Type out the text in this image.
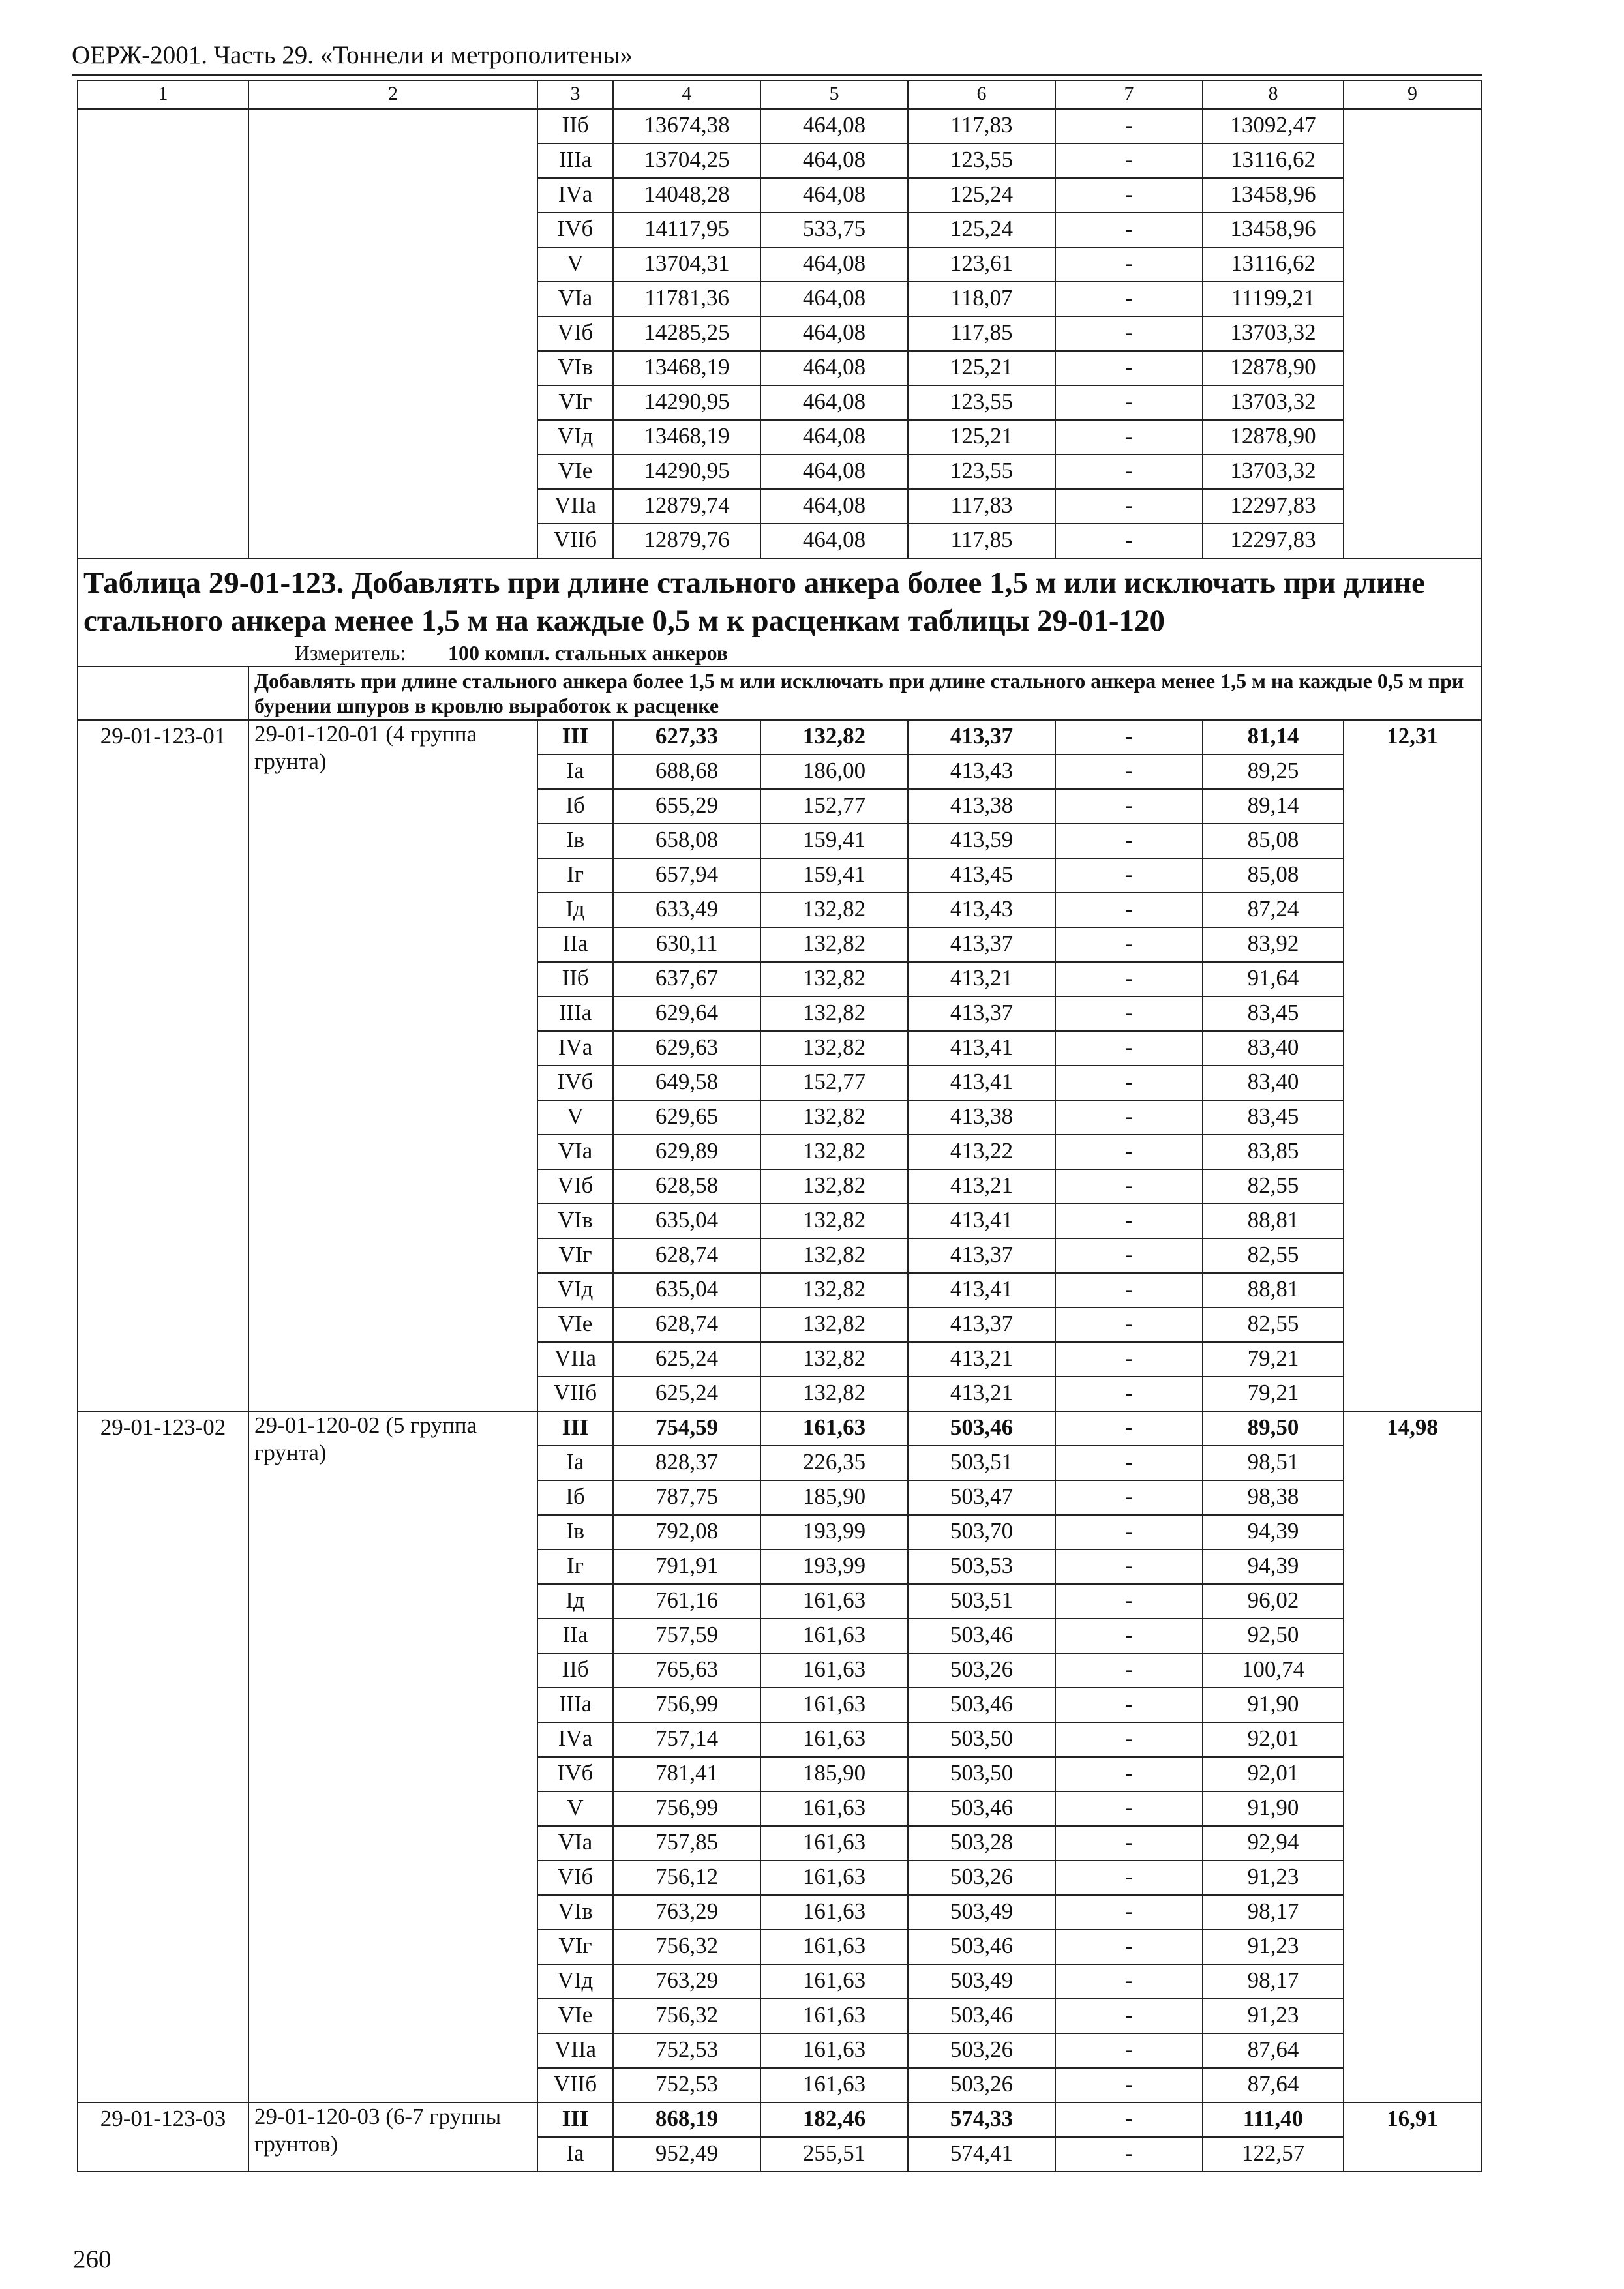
ОЕРЖ-2001. Часть 29. «Тоннели и метрополитены»
1	2	3	4	5	6	7	8	9
		IIб	13674,38	464,08	117,83	-	13092,47	
		IIIа	13704,25	464,08	123,55	-	13116,62	
		IVа	14048,28	464,08	125,24	-	13458,96	
		IVб	14117,95	533,75	125,24	-	13458,96	
		V	13704,31	464,08	123,61	-	13116,62	
		VIа	11781,36	464,08	118,07	-	11199,21	
		VIб	14285,25	464,08	117,85	-	13703,32	
		VIв	13468,19	464,08	125,21	-	12878,90	
		VIг	14290,95	464,08	123,55	-	13703,32	
		VIд	13468,19	464,08	125,21	-	12878,90	
		VIе	14290,95	464,08	123,55	-	13703,32	
		VIIа	12879,74	464,08	117,83	-	12297,83	
		VIIб	12879,76	464,08	117,85	-	12297,83	
Таблица 29-01-123. Добавлять при длине стального анкера более 1,5 м или исключать при длине стального анкера менее 1,5 м на каждые 0,5 м к расценкам таблицы 29-01-120								

Измеритель: 100 компл. стальных анкеров								

	Добавлять при длине стального анкера более 1,5 м или исключать при длине стального анкера менее 1,5 м на каждые 0,5 м при бурении шпуров в кровлю выработок к расценке							
29-01-123-01	29-01-120-01 (4 группа грунта)	III	627,33	132,82	413,37	-	81,14	12,31
		Iа	688,68	186,00	413,43	-	89,25	
		Iб	655,29	152,77	413,38	-	89,14	
		Iв	658,08	159,41	413,59	-	85,08	
		Iг	657,94	159,41	413,45	-	85,08	
		Iд	633,49	132,82	413,43	-	87,24	
		IIа	630,11	132,82	413,37	-	83,92	
		IIб	637,67	132,82	413,21	-	91,64	
		IIIа	629,64	132,82	413,37	-	83,45	
		IVа	629,63	132,82	413,41	-	83,40	
		IVб	649,58	152,77	413,41	-	83,40	
		V	629,65	132,82	413,38	-	83,45	
		VIа	629,89	132,82	413,22	-	83,85	
		VIб	628,58	132,82	413,21	-	82,55	
		VIв	635,04	132,82	413,41	-	88,81	
		VIг	628,74	132,82	413,37	-	82,55	
		VIд	635,04	132,82	413,41	-	88,81	
		VIе	628,74	132,82	413,37	-	82,55	
		VIIа	625,24	132,82	413,21	-	79,21	
		VIIб	625,24	132,82	413,21	-	79,21	
29-01-123-02	29-01-120-02 (5 группа грунта)	III	754,59	161,63	503,46	-	89,50	14,98
		Iа	828,37	226,35	503,51	-	98,51	
		Iб	787,75	185,90	503,47	-	98,38	
		Iв	792,08	193,99	503,70	-	94,39	
		Iг	791,91	193,99	503,53	-	94,39	
		Iд	761,16	161,63	503,51	-	96,02	
		IIа	757,59	161,63	503,46	-	92,50	
		IIб	765,63	161,63	503,26	-	100,74	
		IIIа	756,99	161,63	503,46	-	91,90	
		IVа	757,14	161,63	503,50	-	92,01	
		IVб	781,41	185,90	503,50	-	92,01	
		V	756,99	161,63	503,46	-	91,90	
		VIа	757,85	161,63	503,28	-	92,94	
		VIб	756,12	161,63	503,26	-	91,23	
		VIв	763,29	161,63	503,49	-	98,17	
		VIг	756,32	161,63	503,46	-	91,23	
		VIд	763,29	161,63	503,49	-	98,17	
		VIе	756,32	161,63	503,46	-	91,23	
		VIIа	752,53	161,63	503,26	-	87,64	
		VIIб	752,53	161,63	503,26	-	87,64	
29-01-123-03	29-01-120-03 (6-7 группы грунтов)	III	868,19	182,46	574,33	-	111,40	16,91
		Iа	952,49	255,51	574,41	-	122,57	
260
